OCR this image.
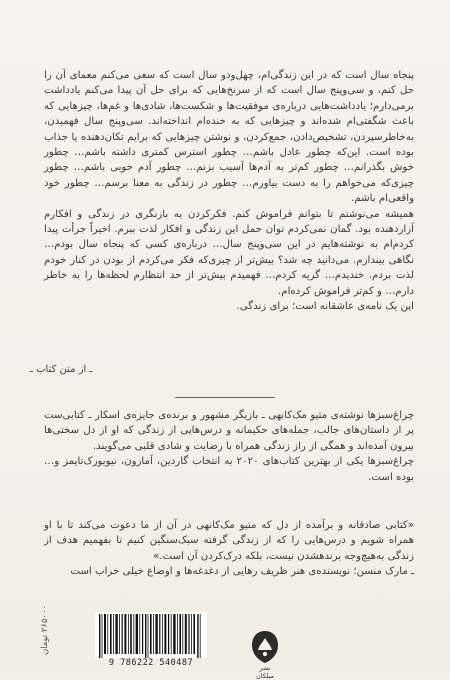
پنجاه سال است که در این زندگی‌ام، چهل‌ودو سال است که سعی می‌کنم معمای آن را حل کنم، و سی‌وپنج سال است که از سرنخ‌هایی که برای حل آن پیدا می‌کنم یادداشت برمی‌دارم؛ یادداشت‌هایی درباره‌ی موفقیت‌ها و شکست‌ها، شادی‌ها و غم‌ها، چیزهایی که باعث شگفتی‌ام شده‌اند و چیزهایی که به خنده‌ام انداخته‌اند. سی‌وپنج سال فهمیدن، به‌خاطرسپردن، تشخیص‌دادن، جمع‌کردن، و نوشتن چیزهایی که برایم تکان‌دهنده یا جذاب بوده است. این‌که چطور عادل باشم… چطور استرس کمتری داشته باشم… چطور خوش بگذرانم… چطور کم‌تر به آدم‌ها آسیب بزنم… چطور آدم خوبی باشم… چطور چیزی‌که می‌خواهم را به دست بیاورم… چطور در زندگی به معنا برسم… چطور خود واقعی‌ام باشم.

همیشه می‌نوشتم تا بتوانم فراموش کنم. فکرکردن به بازنگری در زندگی و افکارم آزاردهنده بود. گمان نمی‌کردم توان حمل این زندگی و افکار لذت ببرم. اخیراً جرأت پیدا کردم‌ام به نوشته‌هایم در این سی‌وپنج سال… درباره‌ی کسی که پنجاه سال بودم… نگاهی بیندازم. می‌دانید چه شد؟ بیش‌تر از چیزی‌که فکر می‌کردم از بودن در کنار خودم لذت بردم. خندیدم… گریه کردم… فهمیدم بیش‌تر از حد انتظارم لحظه‌ها را به خاطر دارم… و کم‌تر فراموش کرده‌ام.

این یک نامه‌ی عاشقانه است؛ برای زندگی.

ـ از متن کتاب ـ

چراغ‌سبزها نوشته‌ی متیو مک‌کانهی ـ بازیگر مشهور و برنده‌ی جایزه‌ی اسکار ـ کتابی‌ست پر از داستان‌های جالب، جمله‌های حکیمانه و درس‌هایی از زندگی که او از دل سختی‌ها بیرون آمده‌اند و همگی از راز زندگی همراه با رضایت و شادی قلبی می‌گویند.

چراغ‌سبزها یکی از بهترین کتاب‌های ۲۰۲۰ به انتخاب گاردین، آمازون، نیویورک‌تایمز و… بوده است.

«کتابی صادقانه و برآمده از دل که متیو مک‌کانهی در آن از ما دعوت می‌کند تا با او همراه شویم و درس‌هایی را که از زندگی گرفته سبک‌سنگین کنیم تا بفهمیم هدف از زندگی به‌هیچ‌وجه برندهشدن نیست، بلکه درک‌کردن آن است.»

ـ مارک منسن؛ نویسنده‌ی هنر ظریف رهایی از دغدغه‌ها و اوضاع خیلی خراب است

۲۶۵۰۰۰ تومان
9 786222 540487	نشر میلکان
